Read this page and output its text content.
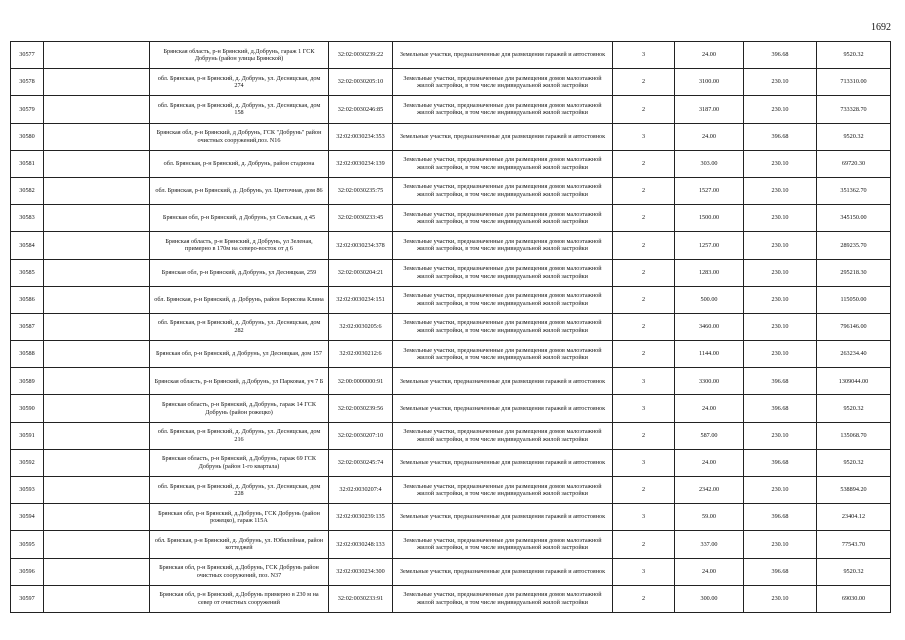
1692
30577		Брянская область, р-н Брянский, д.Добрунь, гараж 1 ГСК Добрунь (район улицы Брянской)	32:02:0030239:22	Земельные участки, предназначенные для размещения гаражей и автостоянок	3	24.00	396.68	9520.32
30578		обл. Брянская, р-н Брянский, д. Добрунь, ул. Десняцская, дом 274	32:02:0030205:10	Земельные участки, предназначенные для размещения домов малоэтажной жилой застройки, в том числе индивидуальной жилой застройки	2	3100.00	230.10	713310.00
30579		обл. Брянская, р-н Брянский, д. Добрунь, ул. Десняцская, дом 158	32:02:0030246:85	Земельные участки, предназначенные для размещения домов малоэтажной жилой застройки, в том числе индивидуальной жилой застройки	2	3187.00	230.10	733328.70
30580		Брянская обл, р-н Брянский, д Добрунь, ГСК "Добрунь" район очистных сооружений,поз. N16	32:02:0030234:353	Земельные участки, предназначенные для размещения гаражей и автостоянок	3	24.00	396.68	9520.32
30581		обл. Брянская, р-н Брянский, д. Добрунь, район стадиона	32:02:0030234:139	Земельные участки, предназначенные для размещения домов малоэтажной жилой застройки, в том числе индивидуальной жилой застройки	2	303.00	230.10	69720.30
30582		обл. Брянская, р-н Брянский, д. Добрунь, ул. Цветочная, дом 86	32:02:0030235:75	Земельные участки, предназначенные для размещения домов малоэтажной жилой застройки, в том числе индивидуальной жилой застройки	2	1527.00	230.10	351362.70
30583		Брянская обл, р-н Брянский, д Добрунь, ул Сельская, д 45	32:02:0030233:45	Земельные участки, предназначенные для размещения домов малоэтажной жилой застройки, в том числе индивидуальной жилой застройки	2	1500.00	230.10	345150.00
30584		Брянская область, р-н Брянский, д Добрунь, ул Зеленая, примерно в 170м на северо-восток от д 6	32:02:0030234:378	Земельные участки, предназначенные для размещения домов малоэтажной жилой застройки, в том числе индивидуальной жилой застройки	2	1257.00	230.10	289235.70
30585		Брянская обл, р-н Брянский, д.Добрунь, ул Десняцкая, 259	32:02:0030204:21	Земельные участки, предназначенные для размещения домов малоэтажной жилой застройки, в том числе индивидуальной жилой застройки	2	1283.00	230.10	295218.30
30586		обл. Брянская, р-н Брянский, д. Добрунь, район Борисова Клина	32:02:0030234:151	Земельные участки, предназначенные для размещения домов малоэтажной жилой застройки, в том числе индивидуальной жилой застройки	2	500.00	230.10	115050.00
30587		обл. Брянская, р-н Брянский, д. Добрунь, ул. Десняцская, дом 282	32:02:0030205:6	Земельные участки, предназначенные для размещения домов малоэтажной жилой застройки, в том числе индивидуальной жилой застройки	2	3460.00	230.10	796146.00
30588		Брянская обл, р-н Брянский, д Добрунь, ул Десняцкая, дом 157	32:02:0030212:6	Земельные участки, предназначенные для размещения домов малоэтажной жилой застройки, в том числе индивидуальной жилой застройки	2	1144.00	230.10	263234.40
30589		Брянская область, р-н Брянский, д.Добрунь, ул Парковая, уч 7 Б	32:00:0000000:91	Земельные участки, предназначенные для размещения гаражей и автостоянок	3	3300.00	396.68	1309044.00
30590		Брянская область, р-н Брянский, д.Добрунь, гараж 14 ГСК Добрунь (район рожецко)	32:02:0030239:56	Земельные участки, предназначенные для размещения гаражей и автостоянок	3	24.00	396.68	9520.32
30591		обл. Брянская, р-н Брянский, д. Добрунь, ул. Десняцская, дом 216	32:02:0030207:10	Земельные участки, предназначенные для размещения домов малоэтажной жилой застройки, в том числе индивидуальной жилой застройки	2	587.00	230.10	135068.70
30592		Брянская область, р-н Брянский, д.Добрунь, гараж 69 ГСК Добрунь (район 1-го квартала)	32:02:0030245:74	Земельные участки, предназначенные для размещения гаражей и автостоянок	3	24.00	396.68	9520.32
30593		обл. Брянская, р-н Брянский, д. Добрунь, ул. Десняцская, дом 228	32:02:0030207:4	Земельные участки, предназначенные для размещения домов малоэтажной жилой застройки, в том числе индивидуальной жилой застройки	2	2342.00	230.10	538894.20
30594		Брянская обл, р-н Брянский, д.Добрунь, ГСК Добрунь (район рожецко), гараж 115А	32:02:0030239:135	Земельные участки, предназначенные для размещения гаражей и автостоянок	3	59.00	396.68	23404.12
30595		обл. Брянская, р-н Брянский, д. Добрунь, ул. Юбилейная, район коттеджей	32:02:0030248:133	Земельные участки, предназначенные для размещения домов малоэтажной жилой застройки, в том числе индивидуальной жилой застройки	2	337.00	230.10	77543.70
30596		Брянская обл, р-н Брянский, д.Добрунь, ГСК Добрунь район очистных сооружений, поз. N37	32:02:0030234:300	Земельные участки, предназначенные для размещения гаражей и автостоянок	3	24.00	396.68	9520.32
30597		Брянская обл, р-н Брянский, д.Добрунь примерно в 230 м на север от очистных сооружений	32:02:0030233:91	Земельные участки, предназначенные для размещения домов малоэтажной жилой застройки, в том числе индивидуальной жилой застройки	2	300.00	230.10	69030.00
